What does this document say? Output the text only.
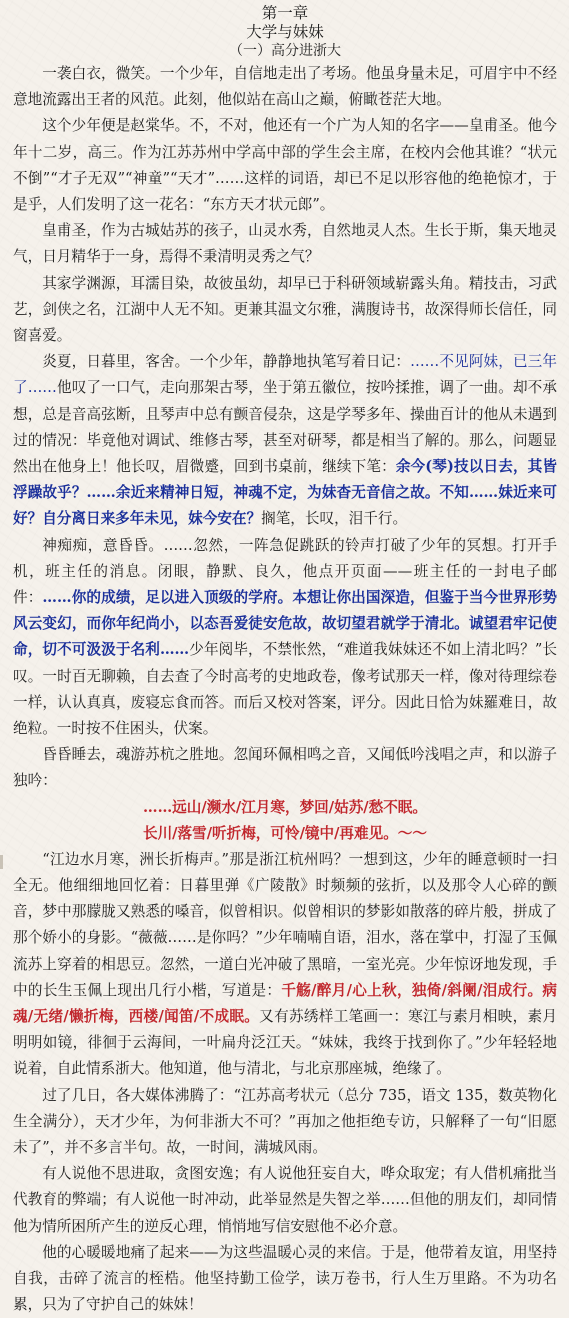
第一章
大学与妹妹
（一）高分进浙大

一袭白衣，微笑。一个少年，自信地走出了考场。他虽身量未足，可眉宇中不经意地流露出王者的风范。此刻，他似站在高山之巅，俯瞰苍茫大地。

这个少年便是赵棠华。不，不对，他还有一个广为人知的名字——皇甫圣。他今年十二岁，高三。作为江苏苏州中学高中部的学生会主席，在校内会他其谁？“状元不倒”“才子无双”“神童”“天才”……这样的词语，却已不足以形容他的绝艳惊才，于是乎，人们发明了这一花名：“东方天才状元郎”。

皇甫圣，作为古城姑苏的孩子，山灵水秀，自然地灵人杰。生长于斯，集天地灵气，日月精华于一身，焉得不秉清明灵秀之气？

其家学渊源，耳濡目染，故彼虽幼，却早已于科研领域崭露头角。精技击，习武艺，剑侠之名，江湖中人无不知。更兼其温文尔雅，满腹诗书，故深得师长信任，同窗喜爱。

炎夏，日暮里，客舍。一个少年，静静地执笔写着日记：……不见阿妹，已三年了……他叹了一口气，走向那架古琴，坐于第五徽位，按吟揉推，调了一曲。却不承想，总是音高弦断，且琴声中总有颤音侵杂，这是学琴多年、操曲百计的他从未遇到过的情况：毕竟他对调试、维修古琴，甚至对研琴，都是相当了解的。那么，问题显然出在他身上！他长叹，眉微蹙，回到书桌前，继续下笔：余今(琴)技以日去，其皆浮躁故乎？……余近来精神日短，神魂不定，为妹杳无音信之故。不知……妹近来可好？自分离日来多年未见，妹今安在？搁笔，长叹，泪千行。

神痴痴，意昏昏。……忽然，一阵急促跳跃的铃声打破了少年的冥想。打开手机，班主任的消息。闭眼，静默、良久，他点开页面——班主任的一封电子邮件：……你的成绩，足以进入顶级的学府。本想让你出国深造，但鉴于当今世界形势风云变幻，而你年纪尚小，以态吾爱徒安危故，故切望君就学于清北。诚望君牢记使命，切不可汲汲于名利……少年阅毕，不禁怅然，“难道我妹妹还不如上清北吗？”长叹。一时百无聊赖，自去查了今时高考的史地政卷，像考试那天一样，像对待理综卷一样，认认真真，废寝忘食而答。而后又校对答案，评分。因此日恰为妹羅难日，故绝粒。一时按不住困头，伏案。

昏昏睡去，魂游苏杭之胜地。忽闻环佩相鸣之音，又闻低吟浅唱之声，和以游子独吟：

……远山/濒水/江月寒，梦回/姑苏/愁不眠。

长川/落雪/听折梅，可怜/镜中/再难见。～～

“江边水月寒，洲长折梅声。”那是浙江杭州吗？一想到这，少年的睡意顿时一扫全无。他细细地回忆着：日暮里弹《广陵散》时频频的弦折，以及那令人心碎的颤音，梦中那朦胧又熟悉的嗓音，似曾相识。似曾相识的梦影如散落的碎片般，拼成了那个娇小的身影。“薇薇……是你吗？”少年喃喃自语，泪水，落在掌中，打湿了玉佩流苏上穿着的相思豆。忽然，一道白光冲破了黑暗，一室光亮。少年惊讶地发现，手中的长生玉佩上现出几行小楷，写道是：千觞/醉月/心上秋，独倚/斜阑/泪成行。病魂/无绪/懒折梅，西楼/闻笛/不成眠。又有苏绣样工笔画一：寒江与素月相映，素月明明如镜，徘徊于云海间，一叶扁舟泛江天。“妹妹，我终于找到你了。”少年轻轻地说着，自此情系浙大。他知道，他与清北，与北京那座城，绝缘了。

过了几日，各大媒体沸腾了：“江苏高考状元（总分 735，语文 135，数英物化生全满分），天才少年，为何非浙大不可？”再加之他拒绝专访，只解释了一句“旧愿未了”，并不多言半句。故，一时间，满城风雨。

有人说他不思进取，贪图安逸；有人说他狂妄自大，哗众取宠；有人借机痛批当代教育的弊端；有人说他一时冲动，此举显然是失智之举……但他的朋友们，却同情他为情所困所产生的逆反心理，悄悄地写信安慰他不必介意。

他的心暖暖地痛了起来——为这些温暖心灵的来信。于是，他带着友谊，用坚持自我，击碎了流言的桎梏。他坚持勤工俭学，读万卷书，行人生万里路。不为功名累，只为了守护自己的妹妹！
